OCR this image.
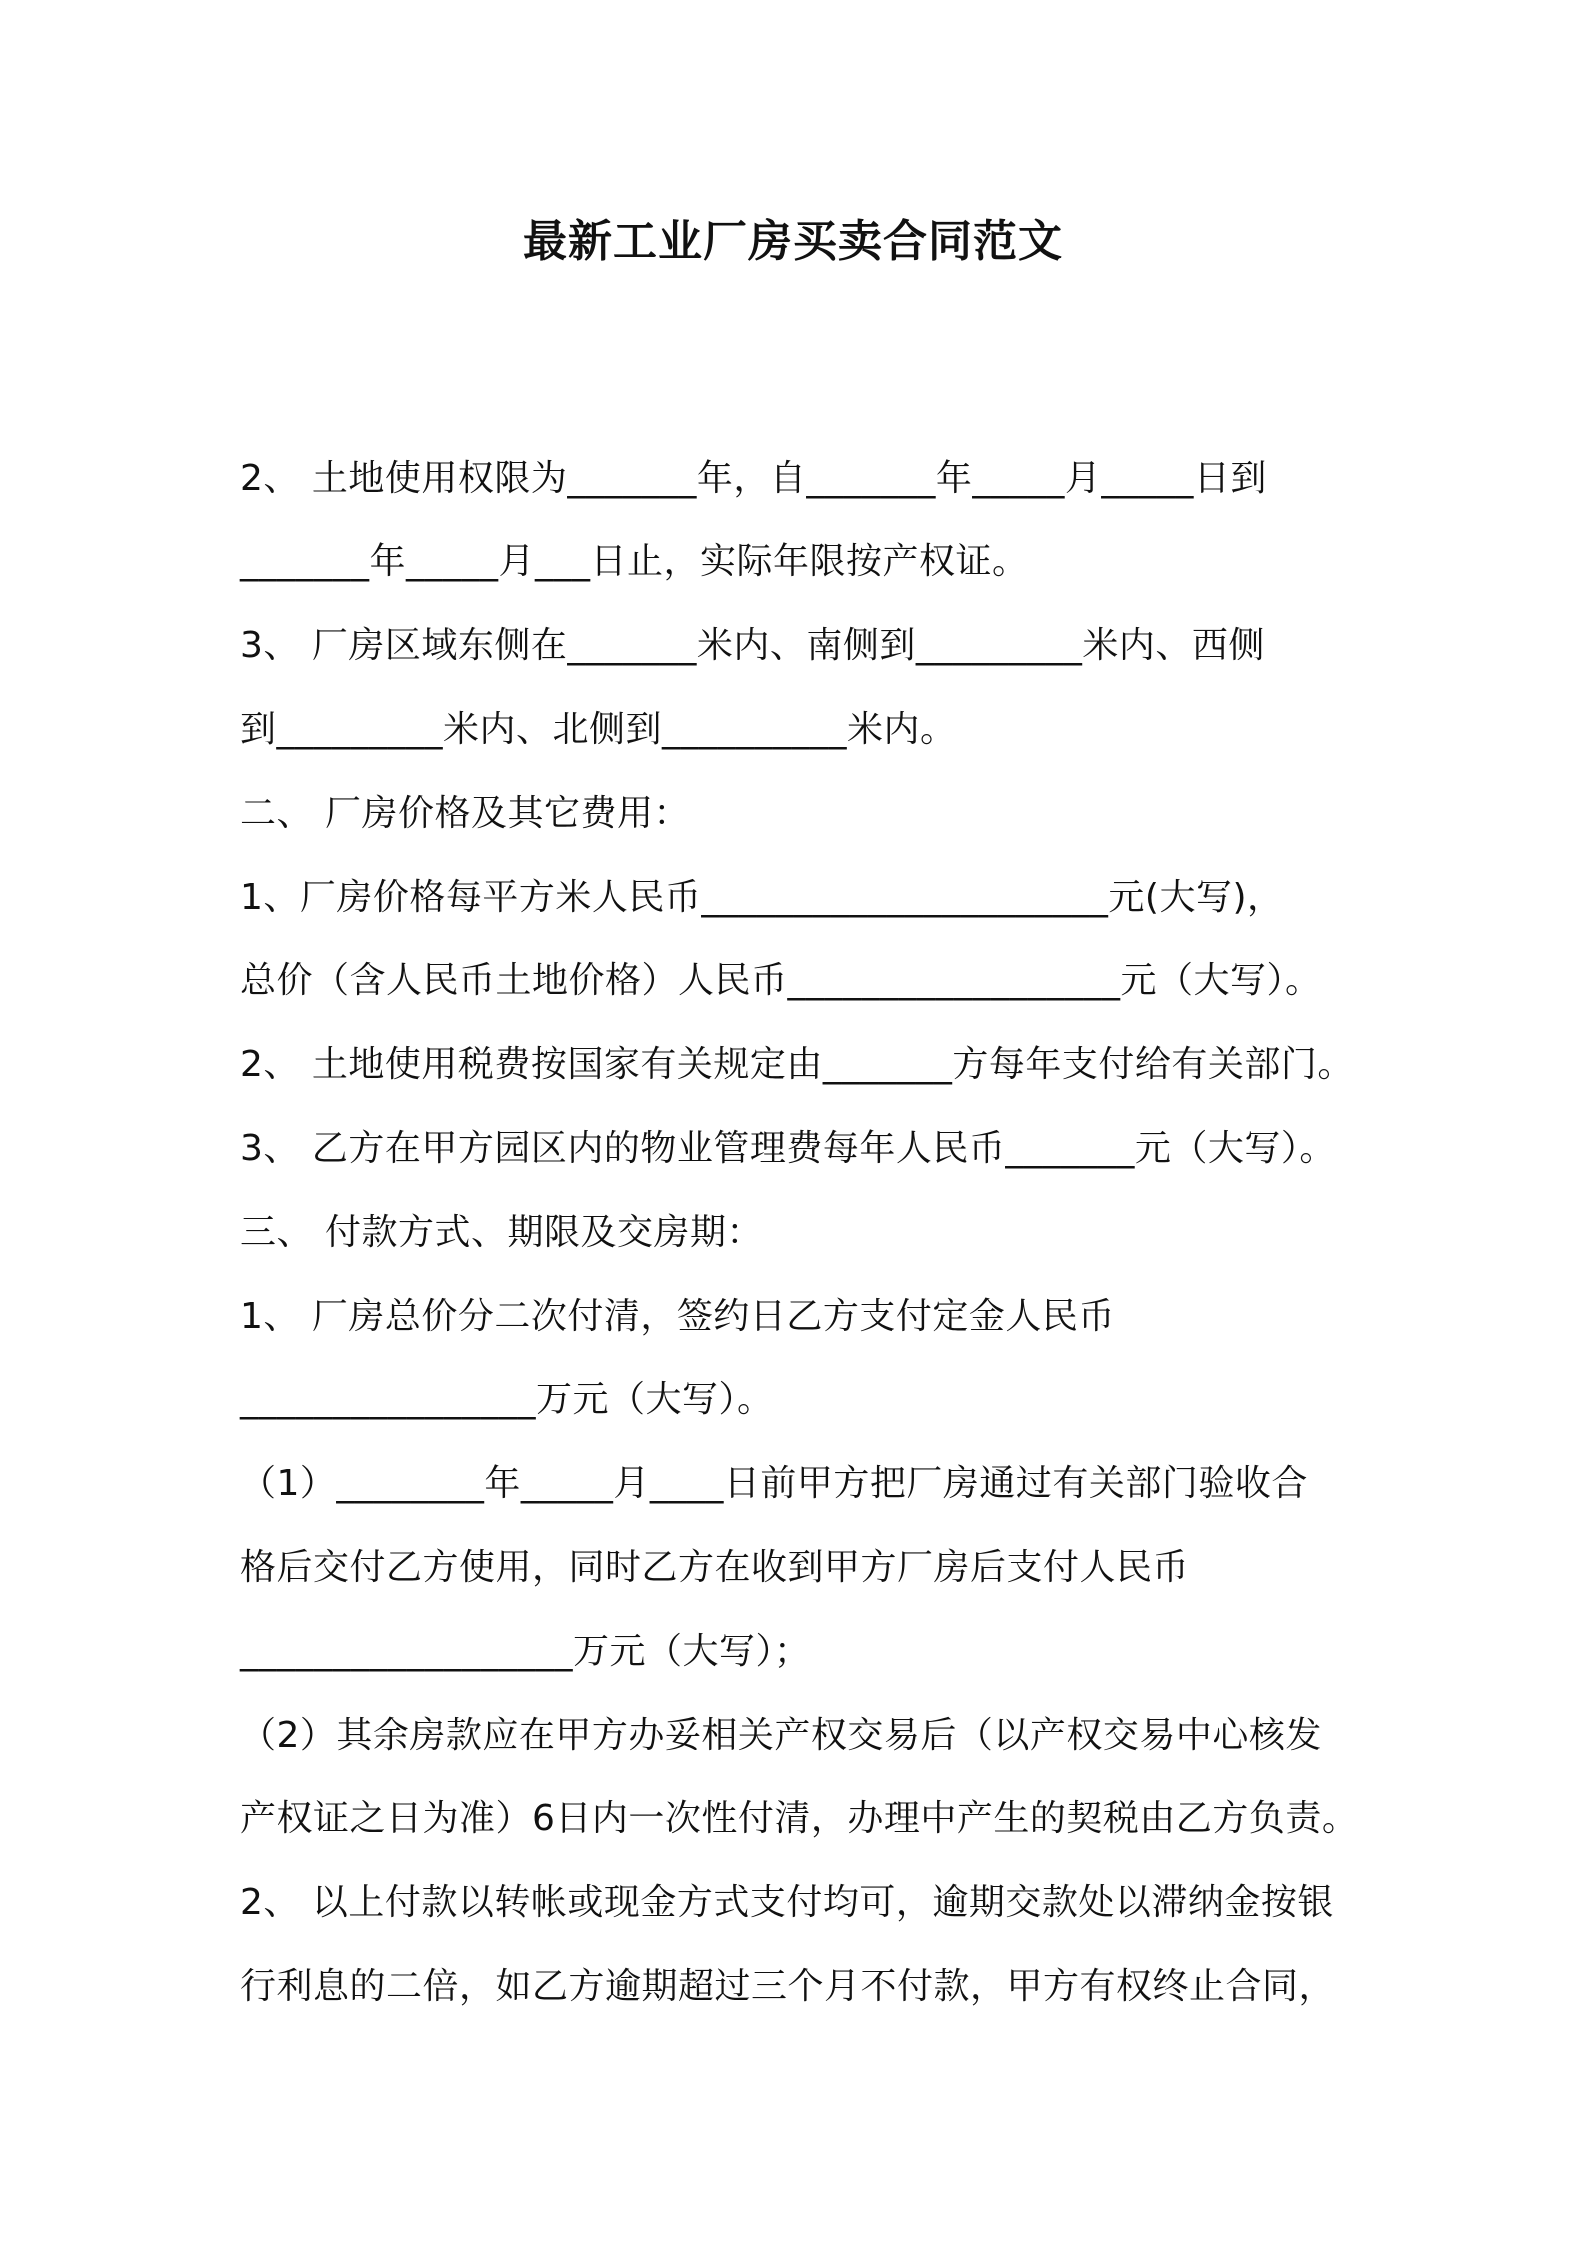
最新工业厂房买卖合同范文
2、 土地使用权限为_______年，自_______年_____月_____日到
_______年_____月___日止，实际年限按产权证。
3、 厂房区域东侧在_______米内、南侧到_________米内、西侧
到_________米内、北侧到__________米内。
二、 厂房价格及其它费用：
1、厂房价格每平方米人民币______________________元(大写)，
总价（含人民币土地价格）人民币__________________元（大写）。
2、 土地使用税费按国家有关规定由_______方每年支付给有关部门。
3、 乙方在甲方园区内的物业管理费每年人民币_______元（大写）。
三、 付款方式、期限及交房期：
1、 厂房总价分二次付清，签约日乙方支付定金人民币
________________万元（大写）。
（1）________年_____月____日前甲方把厂房通过有关部门验收合
格后交付乙方使用，同时乙方在收到甲方厂房后支付人民币
__________________万元（大写）；
（2）其余房款应在甲方办妥相关产权交易后（以产权交易中心核发
产权证之日为准）6日内一次性付清，办理中产生的契税由乙方负责。
2、 以上付款以转帐或现金方式支付均可，逾期交款处以滞纳金按银
行利息的二倍，如乙方逾期超过三个月不付款，甲方有权终止合同，
